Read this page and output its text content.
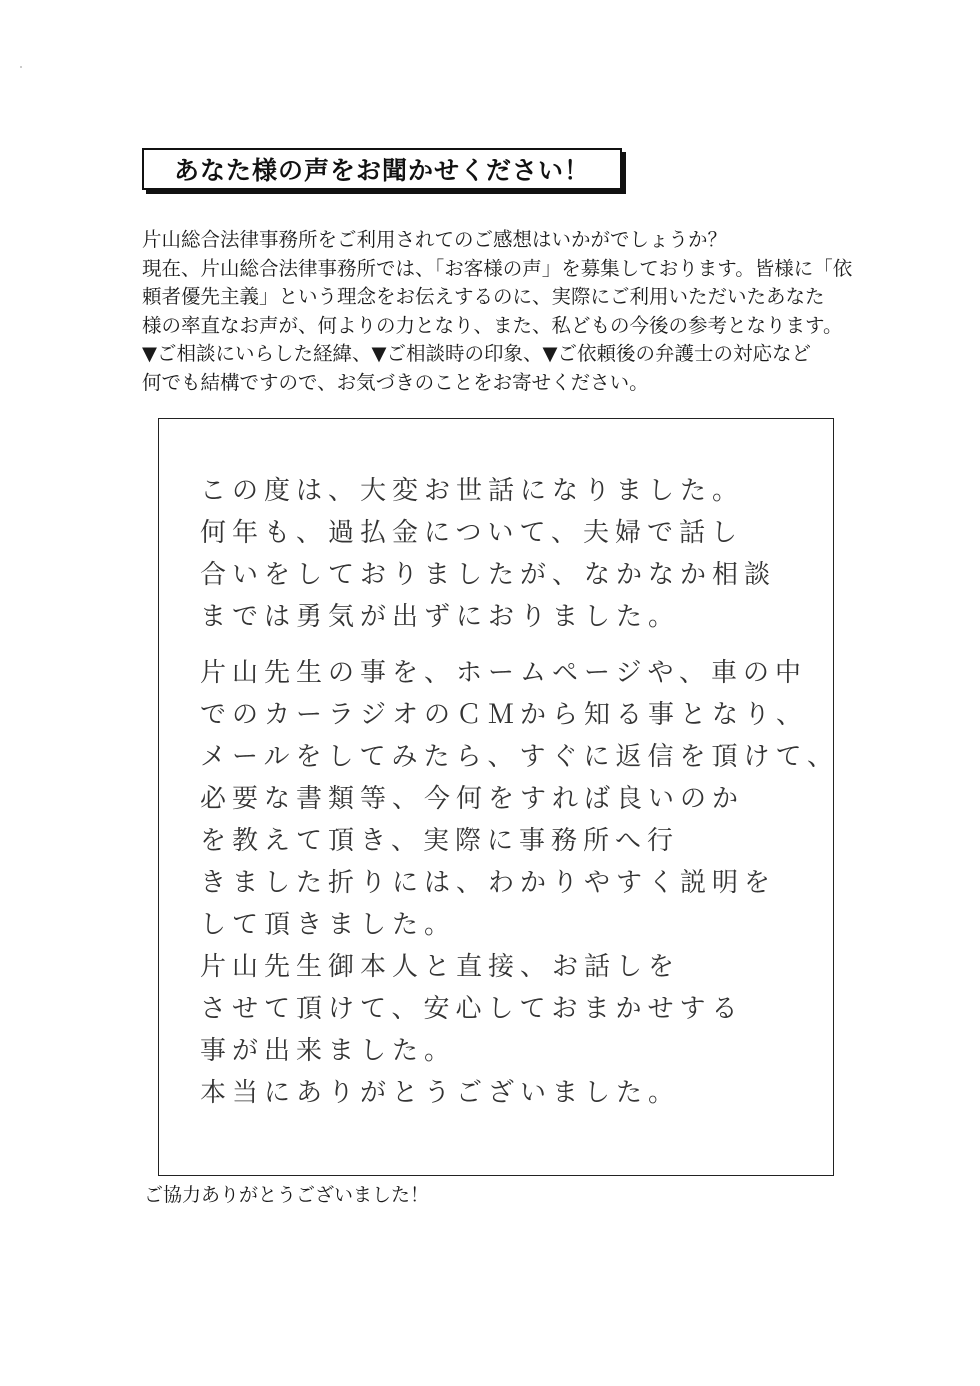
あなた様の声をお聞かせください！
片山総合法律事務所をご利用されてのご感想はいかがでしょうか？
現在、片山総合法律事務所では、「お客様の声」を募集しております。皆様に「依
頼者優先主義」という理念をお伝えするのに、実際にご利用いただいたあなた
様の率直なお声が、何よりの力となり、また、私どもの今後の参考となります。
▼ご相談にいらした経緯、▼ご相談時の印象、▼ご依頼後の弁護士の対応など
何でも結構ですので、お気づきのことをお寄せください。
この度は、大変お世話になりました。
何年も、過払金について、夫婦で話し
合いをしておりましたが、なかなか相談
までは勇気が出ずにおりました。
片山先生の事を、ホームページや、車の中
でのカーラジオのＣＭから知る事となり、
メールをしてみたら、すぐに返信を頂けて、
必要な書類等、今何をすれば良いのか
を教えて頂き、実際に事務所へ行
きました折りには、わかりやすく説明を
して頂きました。
片山先生御本人と直接、お話しを
させて頂けて、安心しておまかせする
事が出来ました。
本当にありがとうございました。
ご協力ありがとうございました！
